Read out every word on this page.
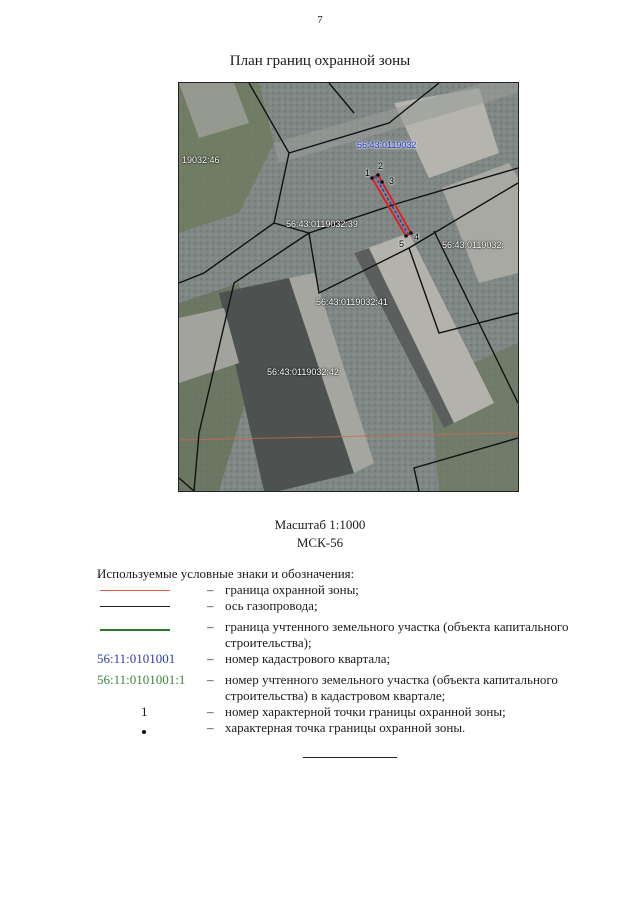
7
План границ охранной зоны
19032:46
56:43:0119032
56:43:0119032:39
56:43:0119032:
56:43:0119032:41
56:43:0119032:42
1
2
3
4
5
Масштаб 1:1000
МСК-56
Используемые условные знаки и обозначения:
– граница охранной зоны;
– ось газопровода;
– граница учтенного земельного участка (объекта капитального строительства);
56:11:0101001 – номер кадастрового квартала;
56:11:0101001:1 – номер учтенного земельного участка (объекта капитального строительства) в кадастровом квартале;
1	– номер характерной точки границы охранной зоны;
– характерная точка границы охранной зоны.
